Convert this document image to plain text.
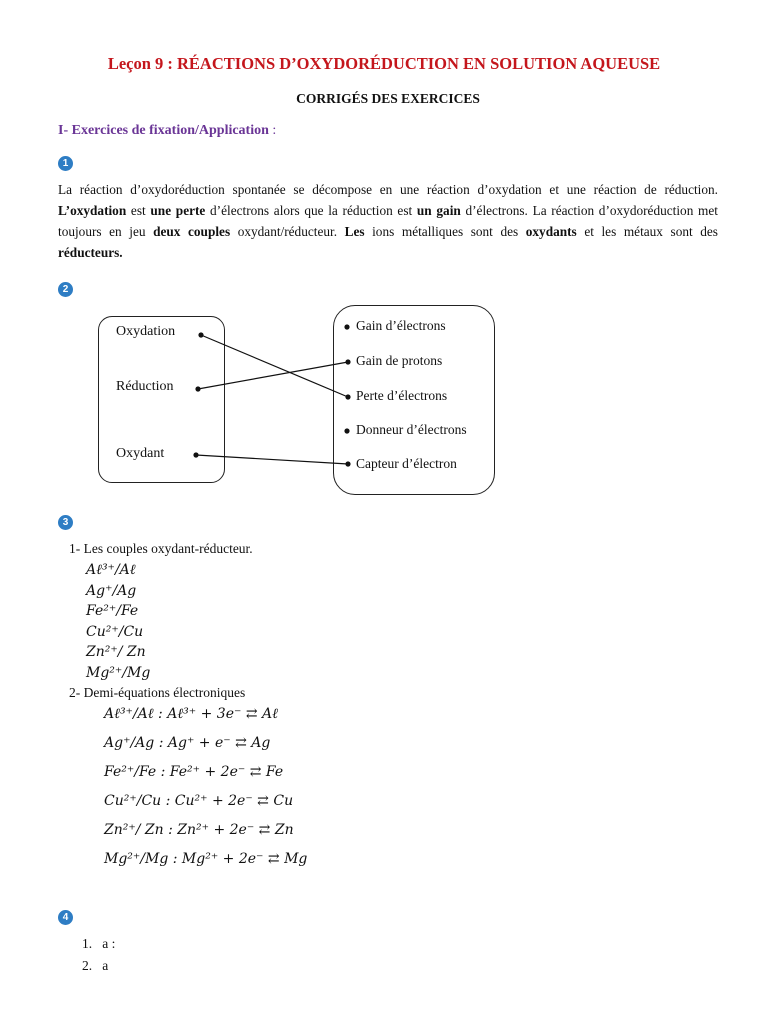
Leçon 9 : RÉACTIONS D’OXYDORÉDUCTION EN SOLUTION AQUEUSE
CORRIGÉS DES EXERCICES
I- Exercices de fixation/Application :
1
La réaction d’oxydoréduction spontanée se décompose en une réaction d’oxydation et une réaction de réduction. L’oxydation est une perte d’électrons alors que la réduction est un gain d’électrons. La réaction d’oxydoréduction met toujours en jeu deux couples oxydant/réducteur. Les ions métalliques sont des oxydants et les métaux sont des réducteurs.
2
Oxydation
Réduction
Oxydant
Gain d’électrons
Gain de protons
Perte d’électrons
Donneur d’électrons
Capteur d’électron
3
1- Les couples oxydant-réducteur.
Aℓ³⁺/Aℓ
Ag⁺/Ag
Fe²⁺/Fe
Cu²⁺/Cu
Zn²⁺/ Zn
Mg²⁺/Mg
2- Demi-équations électroniques
Aℓ³⁺/Aℓ : Aℓ³⁺ + 3e⁻ ⇄ Aℓ
Ag⁺/Ag : Ag⁺ + e⁻ ⇄ Ag
Fe²⁺/Fe : Fe²⁺ + 2e⁻ ⇄ Fe
Cu²⁺/Cu : Cu²⁺ + 2e⁻ ⇄ Cu
Zn²⁺/ Zn : Zn²⁺ + 2e⁻ ⇄ Zn
Mg²⁺/Mg : Mg²⁺ + 2e⁻ ⇄ Mg
4
1. a :
2. a
